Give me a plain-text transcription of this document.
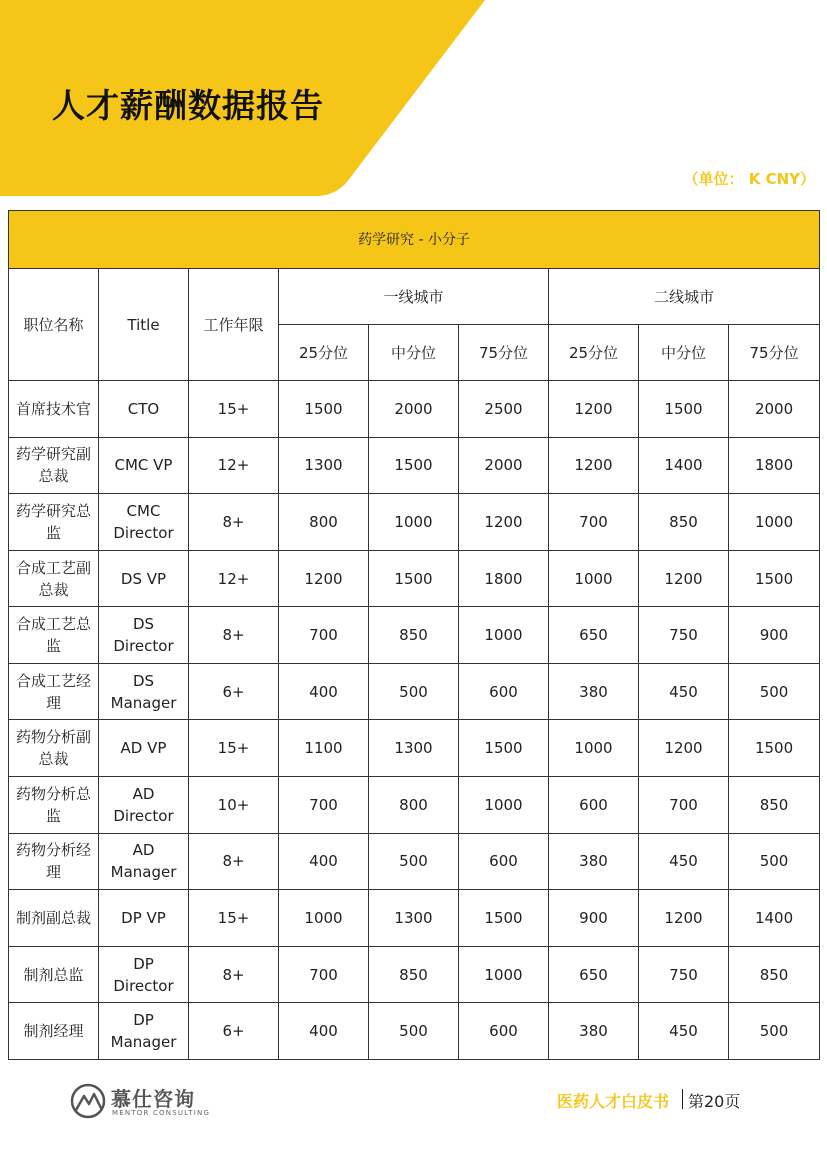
人才薪酬数据报告
（单位： K CNY）
药学研究 - 小分子								
职位名称	Title	工作年限	一线城市			二线城市		
			25分位	中分位	75分位	25分位	中分位	75分位
首席技术官	CTO	15+	1500	2000	2500	1200	1500	2000
药学研究副总裁	CMC VP	12+	1300	1500	2000	1200	1400	1800
药学研究总监	CMC Director	8+	800	1000	1200	700	850	1000
合成工艺副总裁	DS VP	12+	1200	1500	1800	1000	1200	1500
合成工艺总监	DS Director	8+	700	850	1000	650	750	900
合成工艺经理	DS Manager	6+	400	500	600	380	450	500
药物分析副总裁	AD VP	15+	1100	1300	1500	1000	1200	1500
药物分析总监	AD Director	10+	700	800	1000	600	700	850
药物分析经理	AD Manager	8+	400	500	600	380	450	500
制剂副总裁	DP VP	15+	1000	1300	1500	900	1200	1400
制剂总监	DP Director	8+	700	850	1000	650	750	850
制剂经理	DP Manager	6+	400	500	600	380	450	500
慕仕咨询
MENTOR CONSULTING
医药人才白皮书 第20页
